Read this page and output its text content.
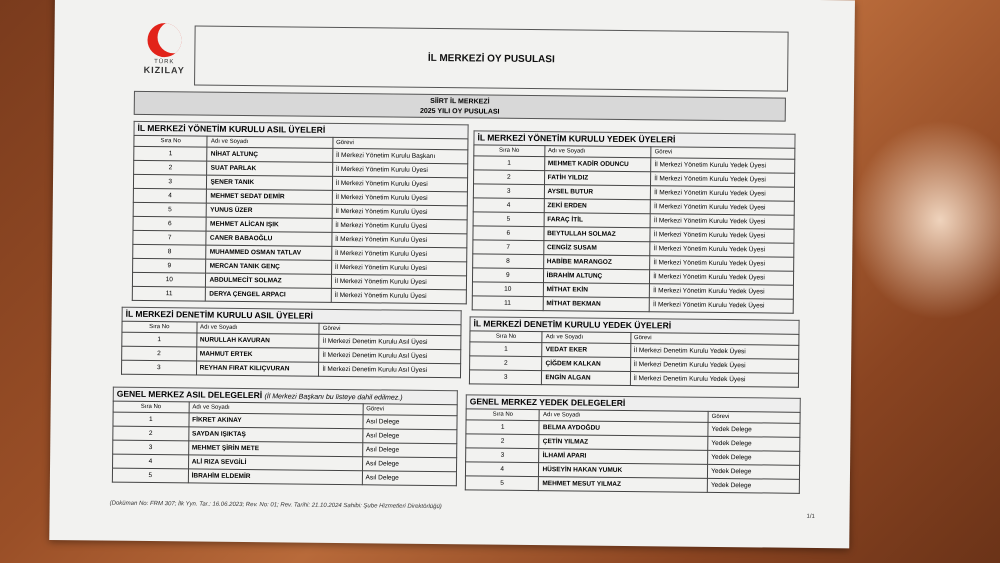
TÜRK
KIZILAY
İL MERKEZİ OY PUSULASI
SİİRT İL MERKEZİ
2025 YILI OY PUSULASI
İL MERKEZİ YÖNETİM KURULU ASIL ÜYELERİ
Sıra No	Adı ve Soyadı	Görevi
1	NİHAT ALTUNÇ	İl Merkezi Yönetim Kurulu Başkanı
2	SUAT PARLAK	İl Merkezi Yönetim Kurulu Üyesi
3	ŞENER TANIK	İl Merkezi Yönetim Kurulu Üyesi
4	MEHMET SEDAT DEMİR	İl Merkezi Yönetim Kurulu Üyesi
5	YUNUS ÜZER	İl Merkezi Yönetim Kurulu Üyesi
6	MEHMET ALİCAN IŞIK	İl Merkezi Yönetim Kurulu Üyesi
7	CANER BABAOĞLU	İl Merkezi Yönetim Kurulu Üyesi
8	MUHAMMED OSMAN TATLAV	İl Merkezi Yönetim Kurulu Üyesi
9	MERCAN TANIK GENÇ	İl Merkezi Yönetim Kurulu Üyesi
10	ABDULMECİT SOLMAZ	İl Merkezi Yönetim Kurulu Üyesi
11	DERYA ÇENGEL ARPACI	İl Merkezi Yönetim Kurulu Üyesi
İL MERKEZİ YÖNETİM KURULU YEDEK ÜYELERİ
Sıra No	Adı ve Soyadı	Görevi
1	MEHMET KADİR ODUNCU	İl Merkezi Yönetim Kurulu Yedek Üyesi
2	FATİH YILDIZ	İl Merkezi Yönetim Kurulu Yedek Üyesi
3	AYSEL BUTUR	İl Merkezi Yönetim Kurulu Yedek Üyesi
4	ZEKİ ERDEN	İl Merkezi Yönetim Kurulu Yedek Üyesi
5	FARAÇ İTİL	İl Merkezi Yönetim Kurulu Yedek Üyesi
6	BEYTULLAH SOLMAZ	İl Merkezi Yönetim Kurulu Yedek Üyesi
7	CENGİZ SUSAM	İl Merkezi Yönetim Kurulu Yedek Üyesi
8	HABİBE MARANGOZ	İl Merkezi Yönetim Kurulu Yedek Üyesi
9	İBRAHİM ALTUNÇ	İl Merkezi Yönetim Kurulu Yedek Üyesi
10	MİTHAT EKİN	İl Merkezi Yönetim Kurulu Yedek Üyesi
11	MİTHAT BEKMAN	İl Merkezi Yönetim Kurulu Yedek Üyesi
İL MERKEZİ DENETİM KURULU ASIL ÜYELERİ
Sıra No	Adı ve Soyadı	Görevi
1	NURULLAH KAVURAN	İl Merkezi Denetim Kurulu Asıl Üyesi
2	MAHMUT ERTEK	İl Merkezi Denetim Kurulu Asıl Üyesi
3	REYHAN FIRAT KILIÇVURAN	İl Merkezi Denetim Kurulu Asıl Üyesi
İL MERKEZİ DENETİM KURULU YEDEK ÜYELERİ
Sıra No	Adı ve Soyadı	Görevi
1	VEDAT EKER	İl Merkezi Denetim Kurulu Yedek Üyesi
2	ÇİĞDEM KALKAN	İl Merkezi Denetim Kurulu Yedek Üyesi
3	ENGİN ALGAN	İl Merkezi Denetim Kurulu Yedek Üyesi
GENEL MERKEZ ASIL DELEGELERİ (İl Merkezi Başkanı bu listeye dahil edilmez.)
Sıra No	Adı ve Soyadı	Görevi
1	FİKRET AKINAY	Asıl Delege
2	SAYDAN IŞIKTAŞ	Asıl Delege
3	MEHMET ŞİRİN METE	Asıl Delege
4	ALİ RIZA SEVGİLİ	Asıl Delege
5	İBRAHİM ELDEMİR	Asıl Delege
GENEL MERKEZ YEDEK DELEGELERİ
Sıra No	Adı ve Soyadı	Görevi
1	BELMA AYDOĞDU	Yedek Delege
2	ÇETİN YILMAZ	Yedek Delege
3	İLHAMİ APARI	Yedek Delege
4	HÜSEYİN HAKAN YUMUK	Yedek Delege
5	MEHMET MESUT YILMAZ	Yedek Delege
(Doküman No: FRM 307; İlk Yyn. Tar.: 16.06.2023; Rev. No: 01; Rev. Tarihi: 21.10.2024 Sahibi: Şube Hizmetleri Direktörlüğü)
1/1
